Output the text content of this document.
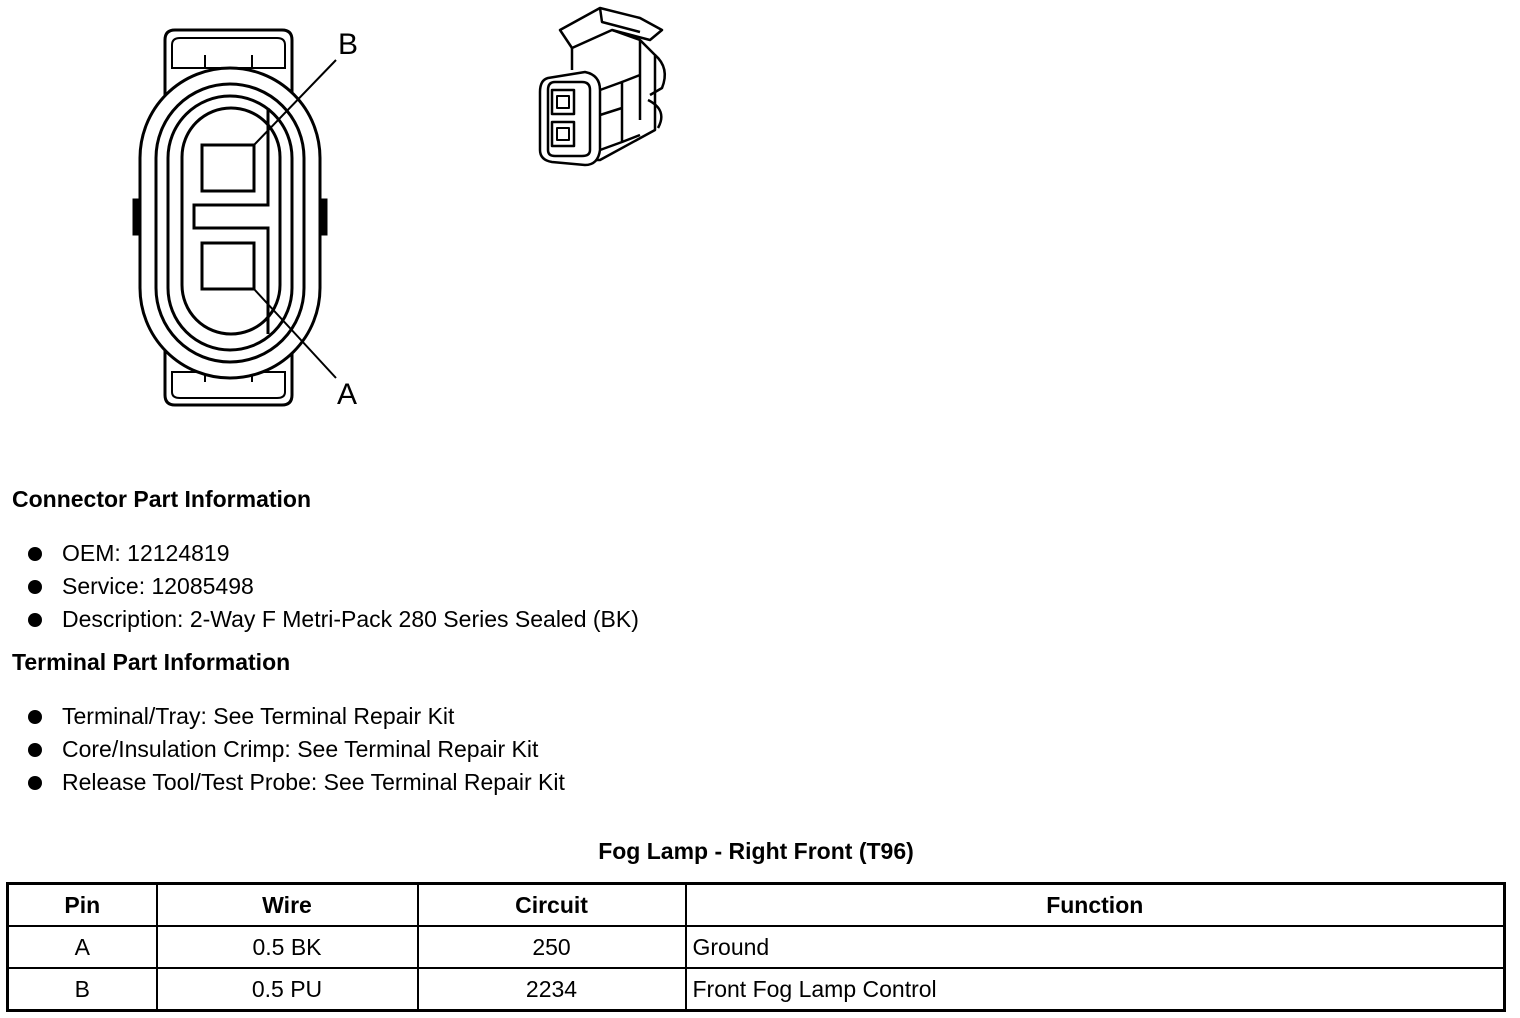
B
A
Connector Part Information
OEM: 12124819
Service: 12085498
Description: 2-Way F Metri-Pack 280 Series Sealed (BK)
Terminal Part Information
Terminal/Tray: See Terminal Repair Kit
Core/Insulation Crimp: See Terminal Repair Kit
Release Tool/Test Probe: See Terminal Repair Kit
Fog Lamp - Right Front (T96)
Pin	Wire	Circuit	Function
A	0.5 BK	250	Ground
B	0.5 PU	2234	Front Fog Lamp Control
